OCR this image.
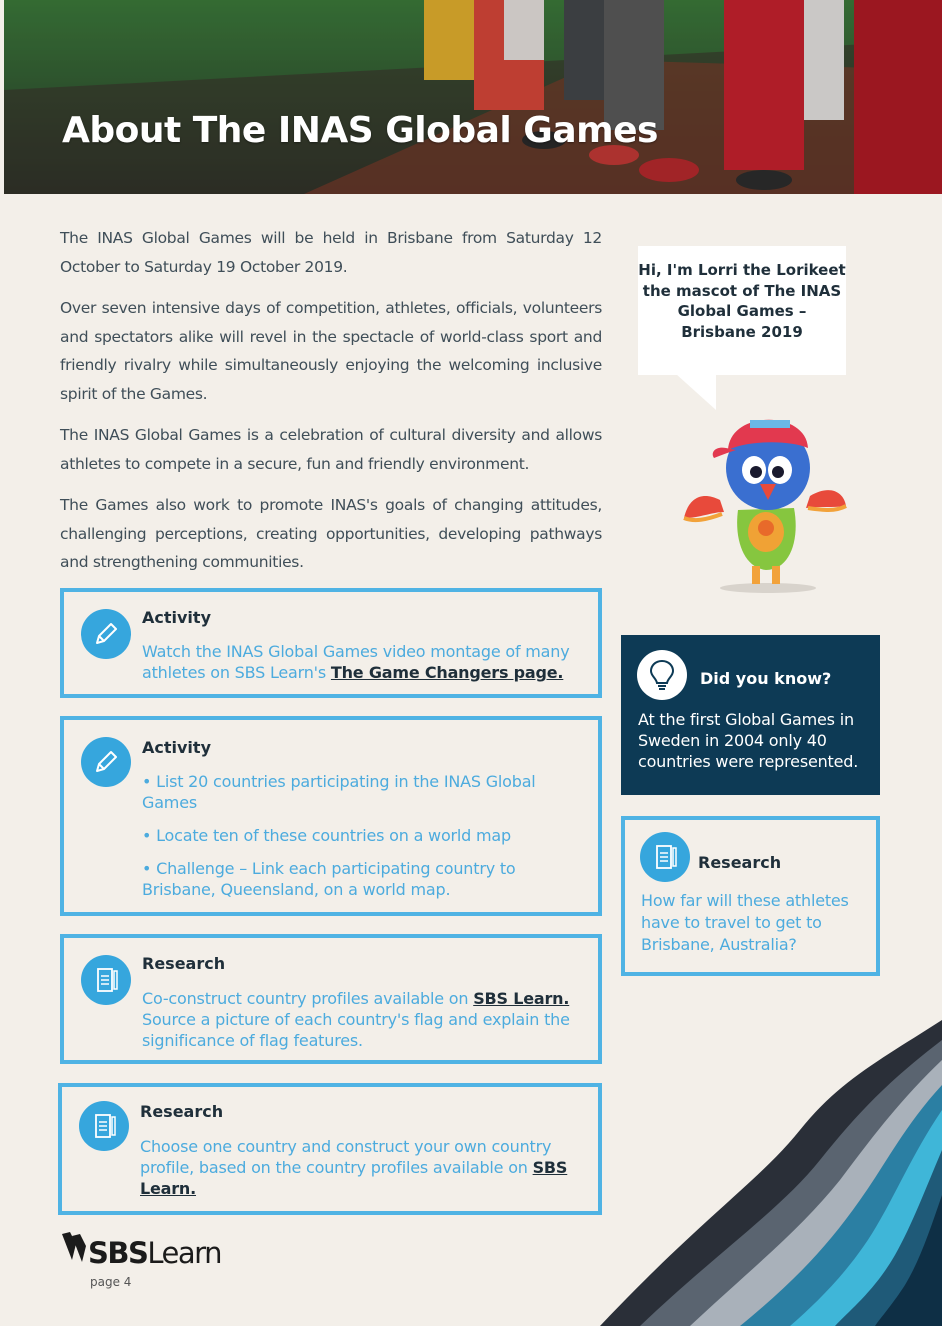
About The INAS Global Games

The INAS Global Games will be held in Brisbane from Saturday 12 October to Saturday 19 October 2019.

Over seven intensive days of competition, athletes, officials, volunteers and spectators alike will revel in the spectacle of world-class sport and friendly rivalry while simultaneously enjoying the welcoming inclusive spirit of the Games.

The INAS Global Games is a celebration of cultural diversity and allows athletes to compete in a secure, fun and friendly environment.

The Games also work to promote INAS's goals of changing attitudes, challenging perceptions, creating opportunities, developing pathways and strengthening communities.

Activity
Watch the INAS Global Games video montage of many athletes on SBS Learn's The Game Changers page.
Activity

• List 20 countries participating in the INAS Global Games

• Locate ten of these countries on a world map

• Challenge – Link each participating country to Brisbane, Queensland, on a world map.

Research
Co-construct country profiles available on SBS Learn. Source a picture of each country's flag and explain the significance of flag features.
Research
Choose one country and construct your own country profile, based on the country profiles available on SBS Learn.
Hi, I'm Lorri the Lorikeet the mascot of The INAS Global Games – Brisbane 2019
Did you know?
At the first Global Games in Sweden in 2004 only 40 countries were represented.
Research
How far will these athletes have to travel to get to Brisbane, Australia?
SBSLearn
page 4
